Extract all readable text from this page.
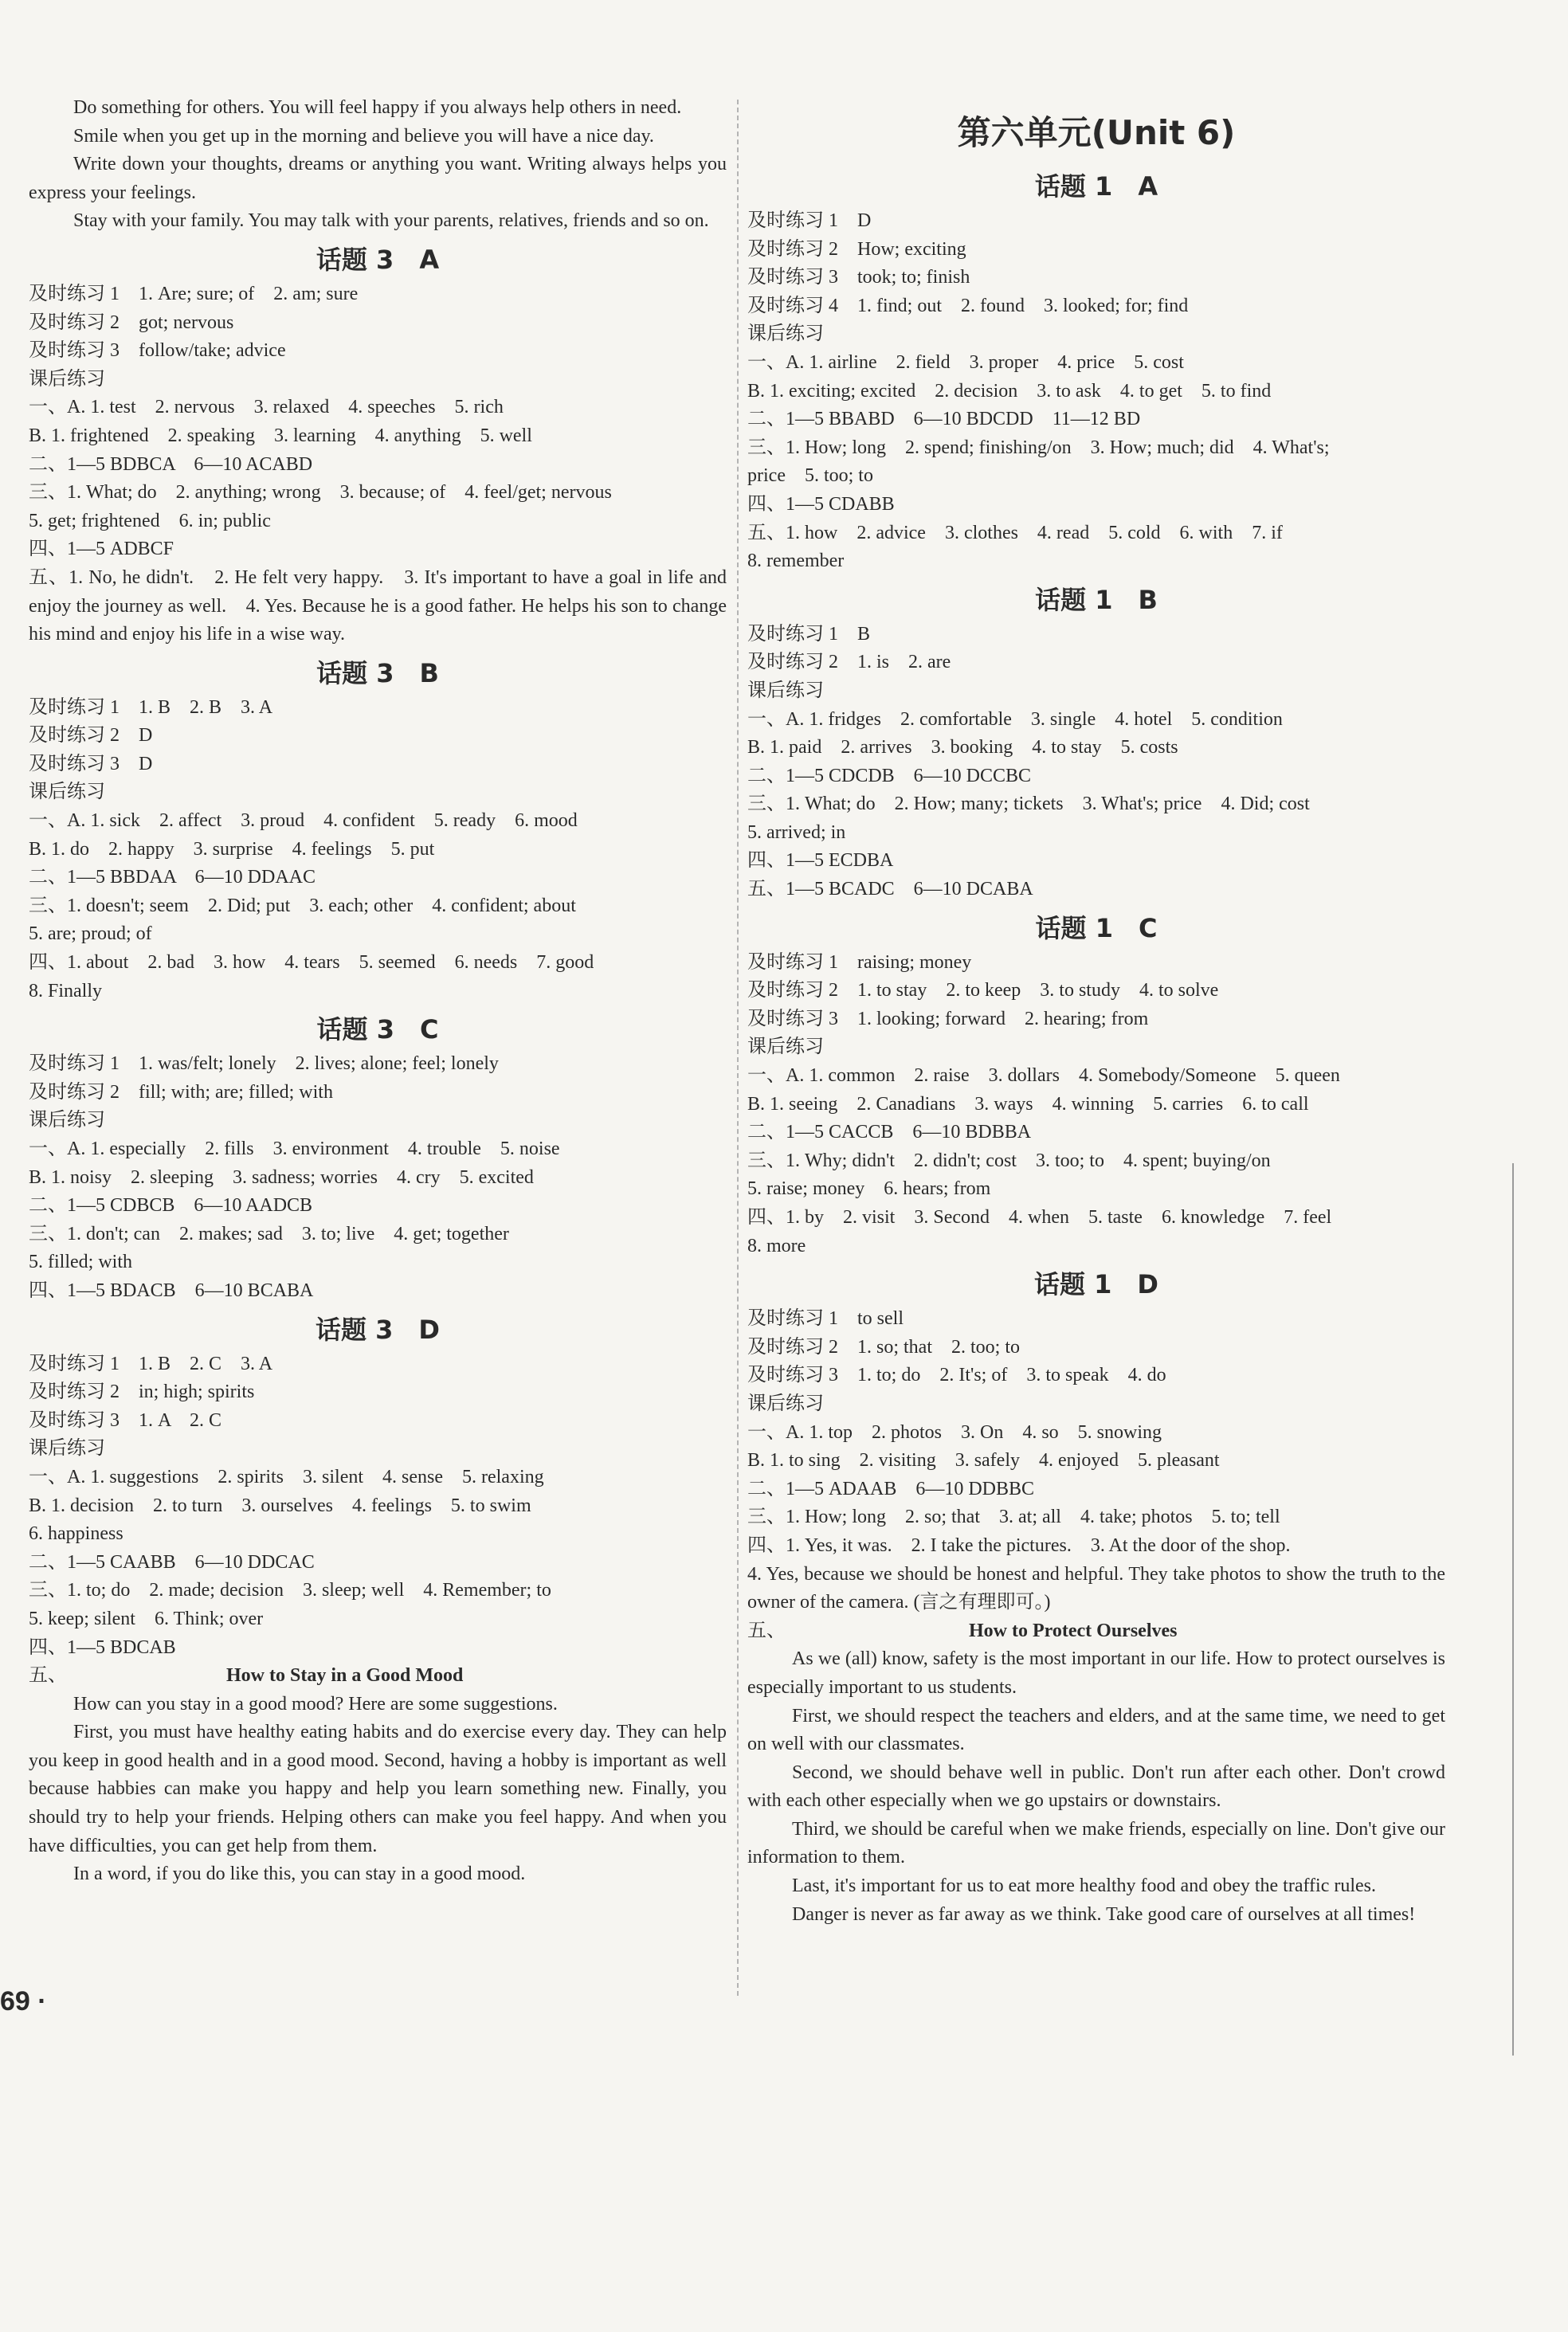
Do something for others. You will feel happy if you always help others in need.
Smile when you get up in the morning and believe you will have a nice day.
Write down your thoughts, dreams or anything you want. Writing always helps you express your feelings.
Stay with your family. You may talk with your parents, relatives, friends and so on.
话题 3　A
及时练习 1　1. Are; sure; of　2. am; sure
及时练习 2　got; nervous
及时练习 3　follow/take; advice
课后练习
一、A. 1. test　2. nervous　3. relaxed　4. speeches　5. rich
B. 1. frightened　2. speaking　3. learning　4. anything　5. well
二、1—5 BDBCA　6—10 ACABD
三、1. What; do　2. anything; wrong　3. because; of　4. feel/get; nervous
5. get; frightened　6. in; public
四、1—5 ADBCF
五、1. No, he didn't.　2. He felt very happy.　3. It's important to have a goal in life and enjoy the journey as well.　4. Yes. Because he is a good father. He helps his son to change his mind and enjoy his life in a wise way.
话题 3　B
及时练习 1　1. B　2. B　3. A
及时练习 2　D
及时练习 3　D
课后练习
一、A. 1. sick　2. affect　3. proud　4. confident　5. ready　6. mood
B. 1. do　2. happy　3. surprise　4. feelings　5. put
二、1—5 BBDAA　6—10 DDAAC
三、1. doesn't; seem　2. Did; put　3. each; other　4. confident; about
5. are; proud; of
四、1. about　2. bad　3. how　4. tears　5. seemed　6. needs　7. good
8. Finally
话题 3　C
及时练习 1　1. was/felt; lonely　2. lives; alone; feel; lonely
及时练习 2　fill; with; are; filled; with
课后练习
一、A. 1. especially　2. fills　3. environment　4. trouble　5. noise
B. 1. noisy　2. sleeping　3. sadness; worries　4. cry　5. excited
二、1—5 CDBCB　6—10 AADCB
三、1. don't; can　2. makes; sad　3. to; live　4. get; together
5. filled; with
四、1—5 BDACB　6—10 BCABA
话题 3　D
及时练习 1　1. B　2. C　3. A
及时练习 2　in; high; spirits
及时练习 3　1. A　2. C
课后练习
一、A. 1. suggestions　2. spirits　3. silent　4. sense　5. relaxing
B. 1. decision　2. to turn　3. ourselves　4. feelings　5. to swim
6. happiness
二、1—5 CAABB　6—10 DDCAC
三、1. to; do　2. made; decision　3. sleep; well　4. Remember; to
5. keep; silent　6. Think; over
四、1—5 BDCAB
五、	How to Stay in a Good Mood
How can you stay in a good mood? Here are some suggestions.
First, you must have healthy eating habits and do exercise every day. They can help you keep in good health and in a good mood. Second, having a hobby is important as well because habbies can make you happy and help you learn something new. Finally, you should try to help your friends. Helping others can make you feel happy. And when you have difficulties, you can get help from them.
In a word, if you do like this, you can stay in a good mood.
第六单元(Unit 6)
话题 1　A
及时练习 1　D
及时练习 2　How; exciting
及时练习 3　took; to; finish
及时练习 4　1. find; out　2. found　3. looked; for; find
课后练习
一、A. 1. airline　2. field　3. proper　4. price　5. cost
B. 1. exciting; excited　2. decision　3. to ask　4. to get　5. to find
二、1—5 BBABD　6—10 BDCDD　11—12 BD
三、1. How; long　2. spend; finishing/on　3. How; much; did　4. What's;
price　5. too; to
四、1—5 CDABB
五、1. how　2. advice　3. clothes　4. read　5. cold　6. with　7. if
8. remember
话题 1　B
及时练习 1　B
及时练习 2　1. is　2. are
课后练习
一、A. 1. fridges　2. comfortable　3. single　4. hotel　5. condition
B. 1. paid　2. arrives　3. booking　4. to stay　5. costs
二、1—5 CDCDB　6—10 DCCBC
三、1. What; do　2. How; many; tickets　3. What's; price　4. Did; cost
5. arrived; in
四、1—5 ECDBA
五、1—5 BCADC　6—10 DCABA
话题 1　C
及时练习 1　raising; money
及时练习 2　1. to stay　2. to keep　3. to study　4. to solve
及时练习 3　1. looking; forward　2. hearing; from
课后练习
一、A. 1. common　2. raise　3. dollars　4. Somebody/Someone　5. queen
B. 1. seeing　2. Canadians　3. ways　4. winning　5. carries　6. to call
二、1—5 CACCB　6—10 BDBBA
三、1. Why; didn't　2. didn't; cost　3. too; to　4. spent; buying/on
5. raise; money　6. hears; from
四、1. by　2. visit　3. Second　4. when　5. taste　6. knowledge　7. feel
8. more
话题 1　D
及时练习 1　to sell
及时练习 2　1. so; that　2. too; to
及时练习 3　1. to; do　2. It's; of　3. to speak　4. do
课后练习
一、A. 1. top　2. photos　3. On　4. so　5. snowing
B. 1. to sing　2. visiting　3. safely　4. enjoyed　5. pleasant
二、1—5 ADAAB　6—10 DDBBC
三、1. How; long　2. so; that　3. at; all　4. take; photos　5. to; tell
四、1. Yes, it was.　2. I take the pictures.　3. At the door of the shop.
4. Yes, because we should be honest and helpful. They take photos to show the truth to the owner of the camera. (言之有理即可。)
五、	How to Protect Ourselves
As we (all) know, safety is the most important in our life. How to protect ourselves is especially important to us students.
First, we should respect the teachers and elders, and at the same time, we need to get on well with our classmates.
Second, we should behave well in public. Don't run after each other. Don't crowd with each other especially when we go upstairs or downstairs.
Third, we should be careful when we make friends, especially on line. Don't give our information to them.
Last, it's important for us to eat more healthy food and obey the traffic rules.
Danger is never as far away as we think. Take good care of ourselves at all times!
69 ·
